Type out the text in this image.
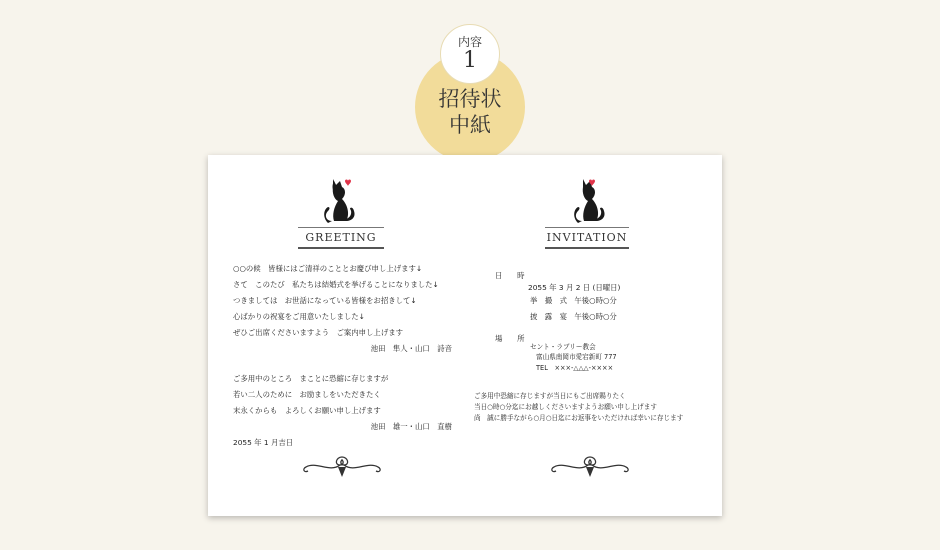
内容
1
招待状
中紙
GREETING	INVITATION
○○の候　皆様にはご清祥のこととお慶び申し上げます↓
さて　このたび　私たちは結婚式を挙げることになりました↓
つきましては　お世話になっている皆様をお招きして↓
心ばかりの祝宴をご用意いたしました↓
ぜひご出席くださいますよう　ご案内申し上げます
池田　隼人・山口　詩音
ご多用中のところ　まことに恐縮に存じますが
若い二人のために　お励ましをいただきたく
末永くからも　よろしくお願い申し上げます
池田　雄一・山口　直樹
2055 年 1 月吉日
日　　時
2055 年 3 月 2 日 (日曜日)
挙　撮　式　午後○時○分
披　露　宴　午後○時○分
場　　所
セント・ラブリー教会
富山県南岡市愛宕新町 777
TEL　×××-△△△-××××
ご多用中恐縮に存じますが当日にもご出席賜りたく
当日○時○分迄にお越しくださいますようお願い申し上げます
尚　誠に勝手ながら○月○日迄にお返事をいただければ幸いに存じます
